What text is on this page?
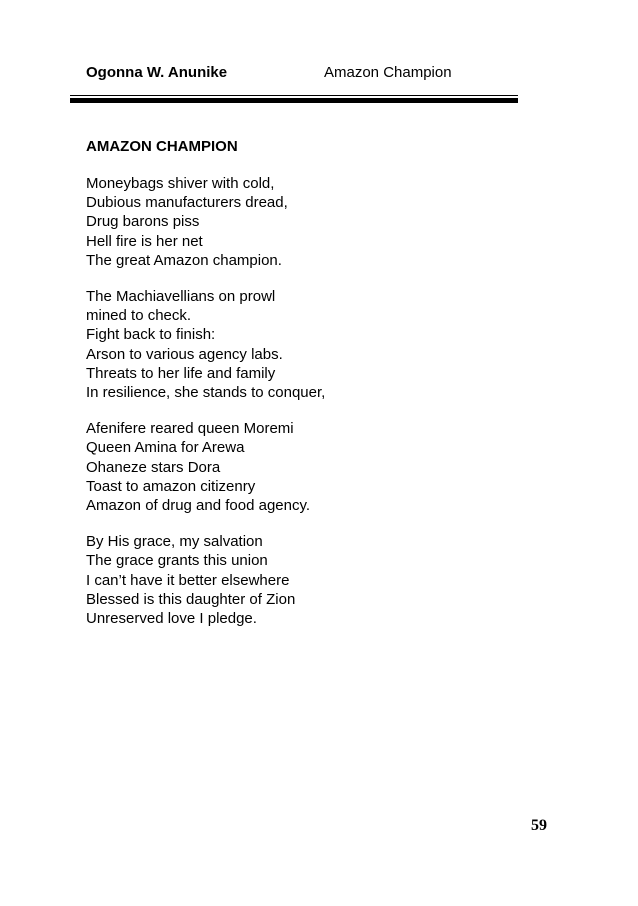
Ogonna W. Anunike	Amazon Champion
AMAZON CHAMPION
Moneybags shiver with cold,
Dubious manufacturers dread,
Drug barons piss
Hell fire is her net
The great Amazon champion.
The Machiavellians on prowl
mined to check.
Fight back to finish:
Arson to various agency labs.
Threats to her life and family
In resilience, she stands to conquer,
Afenifere reared queen Moremi
Queen Amina for Arewa
Ohaneze stars Dora
Toast to amazon citizenry
Amazon of drug and food agency.
By His grace, my salvation
The grace grants this union
I can’t have it better elsewhere
Blessed is this daughter of Zion
Unreserved love I pledge.
59
